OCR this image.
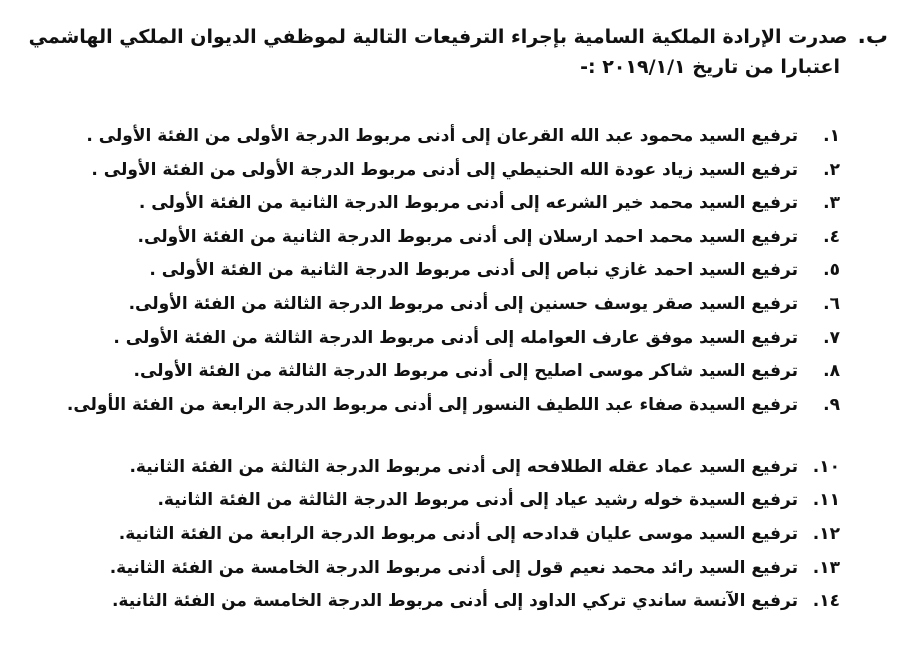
ب.صدرت الإرادة الملكية السامية بإجراء الترفيعات التالية لموظفي الديوان الملكي الهاشمي
اعتبارا من تاريخ ٢٠١٩/١/١ :-
١.
ترفيع السيد محمود عبد الله القرعان إلى أدنى مربوط الدرجة الأولى من الفئة الأولى .
٢.
ترفيع السيد زياد عودة الله الحنيطي إلى أدنى مربوط الدرجة الأولى من الفئة الأولى .
٣.
ترفيع السيد محمد خير الشرعه إلى أدنى مربوط الدرجة الثانية من الفئة الأولى .
٤.
ترفيع السيد محمد احمد ارسلان إلى أدنى مربوط الدرجة الثانية من الفئة الأولى.
٥.
ترفيع السيد احمد غازي نباص إلى أدنى مربوط الدرجة الثانية من الفئة الأولى .
٦.
ترفيع السيد صقر يوسف حسنين إلى أدنى مربوط الدرجة الثالثة من الفئة الأولى.
٧.
ترفيع السيد موفق عارف العوامله إلى أدنى مربوط الدرجة الثالثة من الفئة الأولى .
٨.
ترفيع السيد شاكر موسى اصليح إلى أدنى مربوط الدرجة الثالثة من الفئة الأولى.
٩.
ترفيع السيدة صفاء عبد اللطيف النسور إلى أدنى مربوط الدرجة الرابعة من الفئة الأولى.
١٠.
ترفيع السيد عماد عقله الطلافحه إلى أدنى مربوط الدرجة الثالثة من الفئة الثانية.
١١.
ترفيع السيدة خوله رشيد عياد إلى أدنى مربوط الدرجة الثالثة من الفئة الثانية.
١٢.
ترفيع السيد موسى عليان قدادحه إلى أدنى مربوط الدرجة الرابعة من الفئة الثانية.
١٣.
ترفيع السيد رائد محمد نعيم قول إلى أدنى مربوط الدرجة الخامسة من الفئة الثانية.
١٤.
ترفيع الآنسة ساندي تركي الداود إلى أدنى مربوط الدرجة الخامسة من الفئة الثانية.
